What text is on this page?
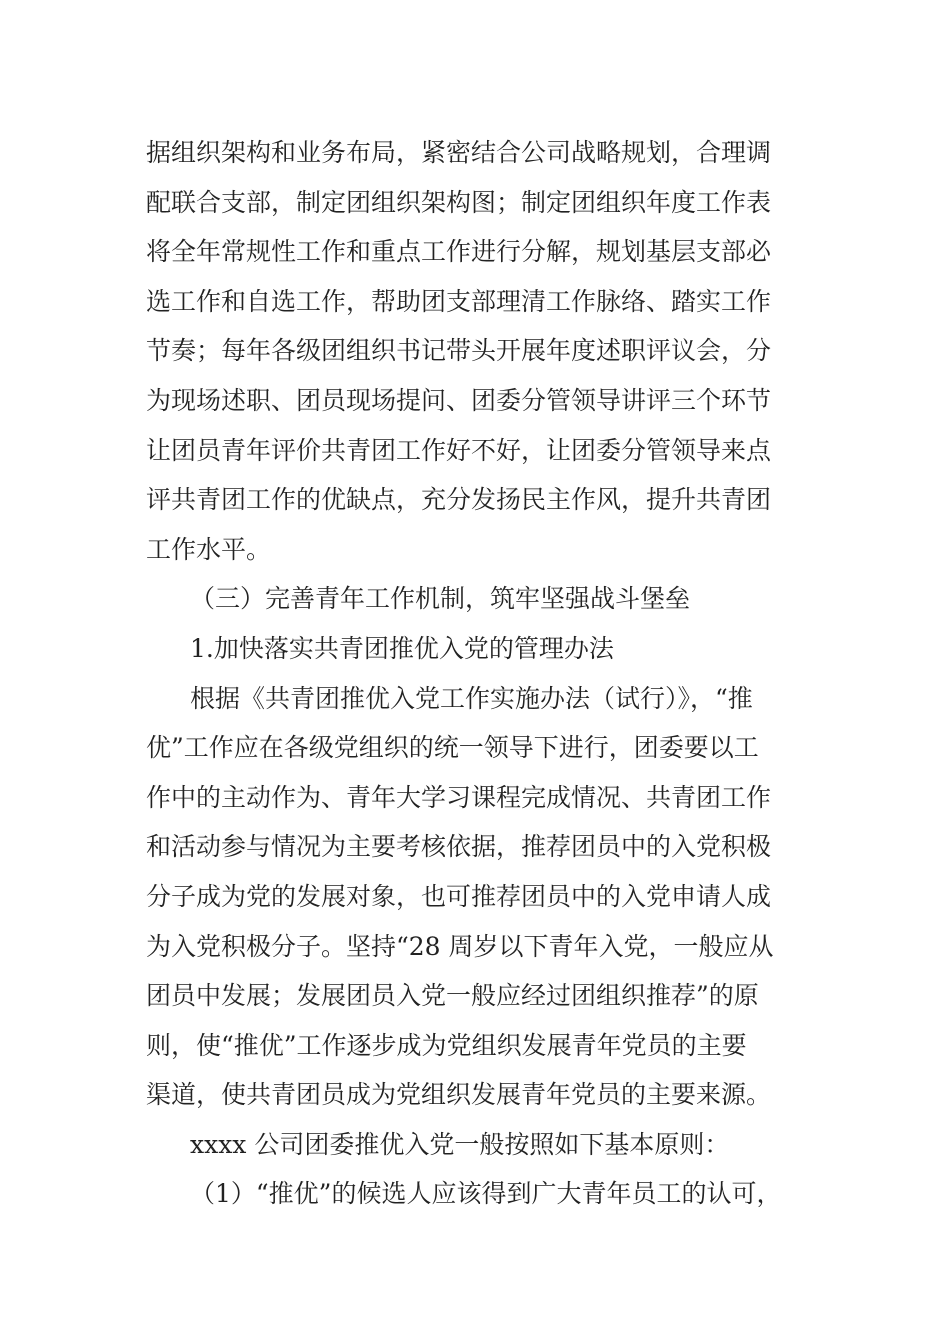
据组织架构和业务布局，紧密结合公司战略规划，合理调
配联合支部，制定团组织架构图；制定团组织年度工作表
将全年常规性工作和重点工作进行分解，规划基层支部必
选工作和自选工作，帮助团支部理清工作脉络、踏实工作
节奏；每年各级团组织书记带头开展年度述职评议会，分
为现场述职、团员现场提问、团委分管领导讲评三个环节
让团员青年评价共青团工作好不好，让团委分管领导来点
评共青团工作的优缺点，充分发扬民主作风，提升共青团
工作水平。
（三）完善青年工作机制，筑牢坚强战斗堡垒
1.加快落实共青团推优入党的管理办法
根据《共青团推优入党工作实施办法（试行）》，“推
优”工作应在各级党组织的统一领导下进行，团委要以工
作中的主动作为、青年大学习课程完成情况、共青团工作
和活动参与情况为主要考核依据，推荐团员中的入党积极
分子成为党的发展对象，也可推荐团员中的入党申请人成
为入党积极分子。坚持“28 周岁以下青年入党，一般应从
团员中发展；发展团员入党一般应经过团组织推荐”的原
则，使“推优”工作逐步成为党组织发展青年党员的主要
渠道，使共青团员成为党组织发展青年党员的主要来源。
xxxx 公司团委推优入党一般按照如下基本原则：
（1）“推优”的候选人应该得到广大青年员工的认可，
